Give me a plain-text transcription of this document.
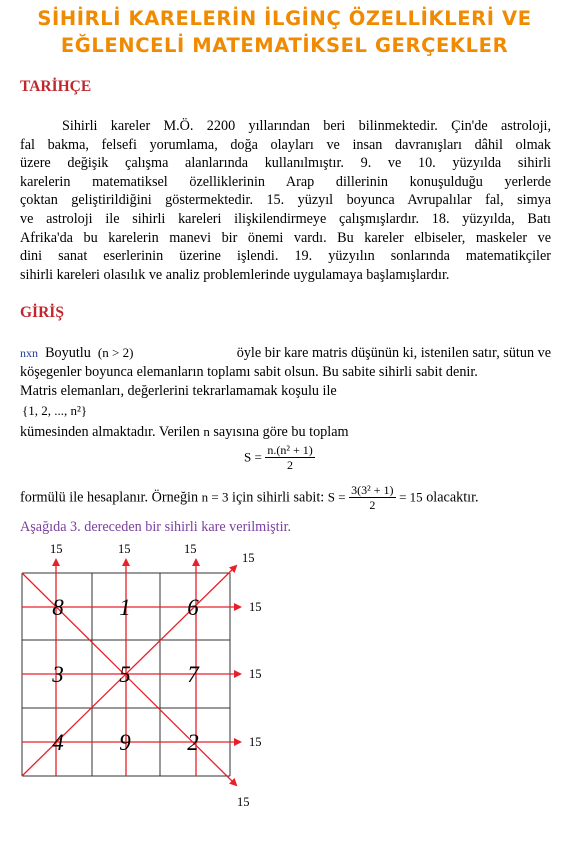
SİHİRLİ KARELERİN İLGİNÇ ÖZELLİKLERİ VE
EĞLENCELİ MATEMATİKSEL GERÇEKLER
TARİHÇE
Sihirli kareler M.Ö. 2200 yıllarından beri bilinmektedir. Çin'de astroloji,
fal bakma, felsefi yorumlama, doğa olayları ve insan davranışları dâhil olmak
üzere değişik çalışma alanlarında kullanılmıştır. 9. ve 10. yüzyılda sihirli
karelerin matematiksel özelliklerinin Arap dillerinin konuşulduğu yerlerde
çoktan geliştirildiğini göstermektedir. 15. yüzyıl boyunca Avrupalılar fal, simya
ve astroloji ile sihirli kareleri ilişkilendirmeye çalışmışlardır. 18. yüzyılda, Batı
Afrika'da bu karelerin manevi bir önemi vardı. Bu kareler elbiseler, maskeler ve
dini sanat eserlerinin üzerine işlendi. 19. yüzyılın sonlarında matematikçiler
sihirli kareleri olasılık ve analiz problemlerinde uygulamaya başlamışlardır.
GİRİŞ
nxn Boyutlu (n > 2)	öyle bir kare matris düşünün ki, istenilen satır, sütun ve
köşegenler boyunca elemanların toplamı sabit olsun. Bu sabite sihirli sabit denir.
Matris elemanları, değerlerini tekrarlamamak koşulu ile
{1, 2, ..., n²}
kümesinden almaktadır. Verilen n sayısına göre bu toplam
$S = \frac{\text{n.(n² + 1)}}{2}$
formülü ile hesaplanır. Örneğin n = 3 için sihirli sabit: $S = \frac{\text{3(3² + 1)}}{2} = 15$ olacaktır.
Aşağıda 3. dereceden bir sihirli kare verilmiştir.
8 1 6
3 5 7
4 9 2
15	15	15
15
15
15
15
15
